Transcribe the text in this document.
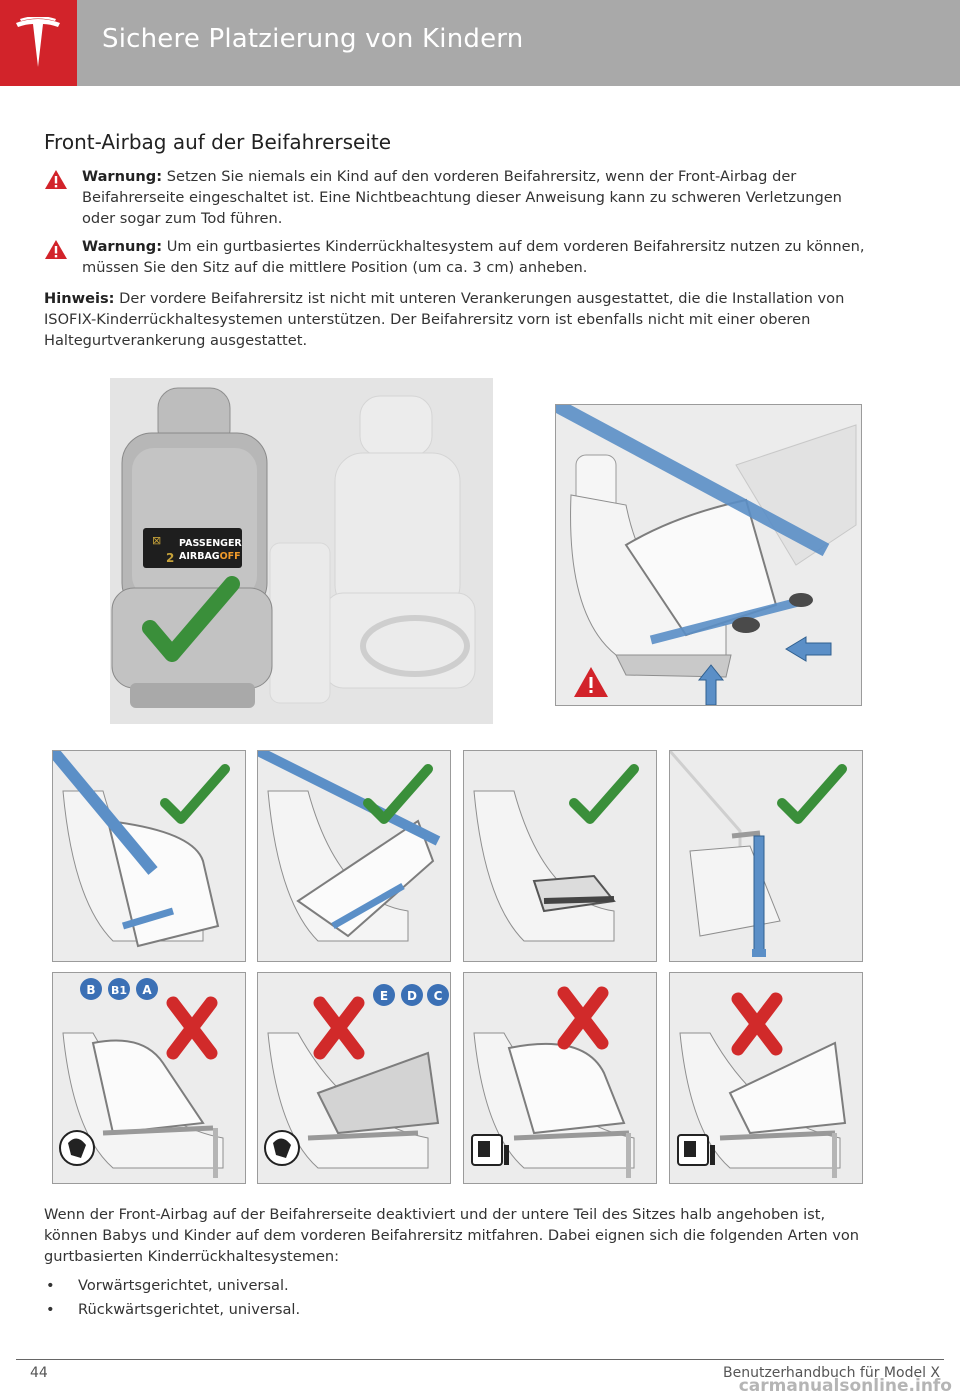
Sichere Platzierung von Kindern
Front-Airbag auf der Beifahrerseite
Warnung: Setzen Sie niemals ein Kind auf den vorderen Beifahrersitz, wenn der Front-Airbag der Beifahrerseite eingeschaltet ist. Eine Nichtbeachtung dieser Anweisung kann zu schweren Verletzungen oder sogar zum Tod führen.
Warnung: Um ein gurtbasiertes Kinderrückhaltesystem auf dem vorderen Beifahrersitz nutzen zu können, müssen Sie den Sitz auf die mittlere Position (um ca. 3 cm) anheben.
Hinweis: Der vordere Beifahrersitz ist nicht mit unteren Verankerungen ausgestattet, die die Installation von ISOFIX-Kinderrückhaltesystemen unterstützen. Der Beifahrersitz vorn ist ebenfalls nicht mit einer oberen Haltegurtverankerung ausgestattet.
⊠
2
PASSENGER
AIRBAGOFF
B B1 A	E D C

Wenn der Front-Airbag auf der Beifahrerseite deaktiviert und der untere Teil des Sitzes halb angehoben ist, können Babys und Kinder auf dem vorderen Beifahrersitz mitfahren. Dabei eignen sich die folgenden Arten von gurtbasierten Kinderrückhaltesystemen:

• Vorwärtsgerichtet, universal.
• Rückwärtsgerichtet, universal.
44	Benutzerhandbuch für Model X
carmanualsonline.info
